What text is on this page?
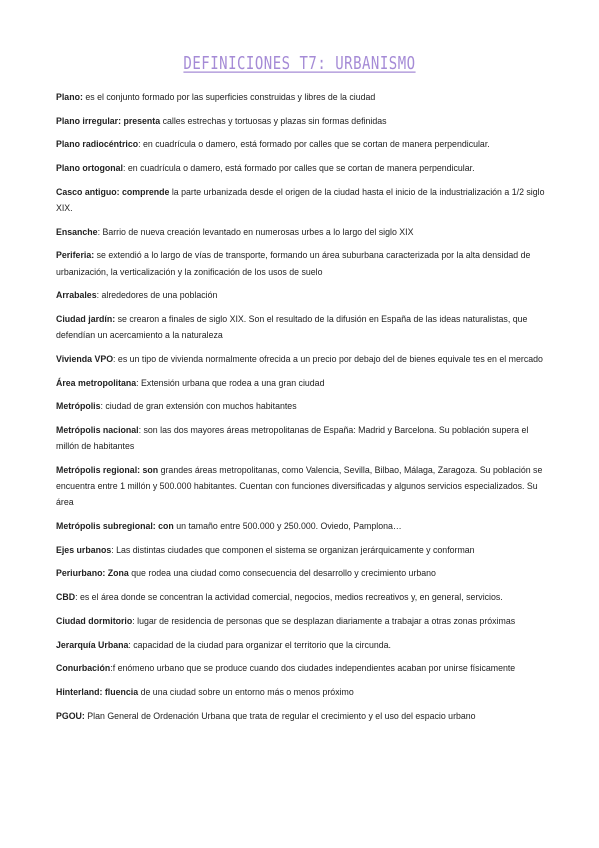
DEFINICIONES T7: URBANISMO

Plano: es el conjunto formado por las superficies construidas y libres de la ciudad

Plano irregular: presenta calles estrechas y tortuosas y plazas sin formas definidas

Plano radiocéntrico: en cuadrícula o damero, está formado por calles que se cortan de manera perpendicular.

Plano ortogonal: en cuadrícula o damero, está formado por calles que se cortan de manera perpendicular.

Casco antiguo: comprende la parte urbanizada desde el origen de la ciudad hasta el inicio de la industrialización a 1/2 siglo XIX.

Ensanche: Barrio de nueva creación levantado en numerosas urbes a lo largo del siglo XIX

Periferia: se extendió a lo largo de vías de transporte, formando un área suburbana caracterizada por la alta densidad de urbanización, la verticalización y la zonificación de los usos de suelo

Arrabales: alrededores de una población

Ciudad jardín: se crearon a finales de siglo XIX. Son el resultado de la difusión en España de las ideas naturalistas, que defendían un acercamiento a la naturaleza

Vivienda VPO: es un tipo de vivienda normalmente ofrecida a un precio por debajo del de bienes equivale tes en el mercado

Área metropolitana: Extensión urbana que rodea a una gran ciudad

Metrópolis: ciudad de gran extensión con muchos habitantes

Metrópolis nacional: son las dos mayores áreas metropolitanas de España: Madrid y Barcelona. Su población supera el millón de habitantes

Metrópolis regional: son grandes áreas metropolitanas, como Valencia, Sevilla, Bilbao, Málaga, Zaragoza. Su población se encuentra entre 1 millón y 500.000 habitantes. Cuentan con funciones diversificadas y algunos servicios especializados. Su área

Metrópolis subregional: con un tamaño entre 500.000 y 250.000. Oviedo, Pamplona…

Ejes urbanos: Las distintas ciudades que componen el sistema se organizan jerárquicamente y conforman

Periurbano: Zona que rodea una ciudad como consecuencia del desarrollo y crecimiento urbano

CBD: es el área donde se concentran la actividad comercial, negocios, medios recreativos y, en general, servicios.

Ciudad dormitorio: lugar de residencia de personas que se desplazan diariamente a trabajar a otras zonas próximas

Jerarquía Urbana: capacidad de la ciudad para organizar el territorio que la circunda.

Conurbación:f enómeno urbano que se produce cuando dos ciudades independientes acaban por unirse físicamente

Hinterland: fluencia de una ciudad sobre un entorno más o menos próximo

PGOU: Plan General de Ordenación Urbana que trata de regular el crecimiento y el uso del espacio urbano
